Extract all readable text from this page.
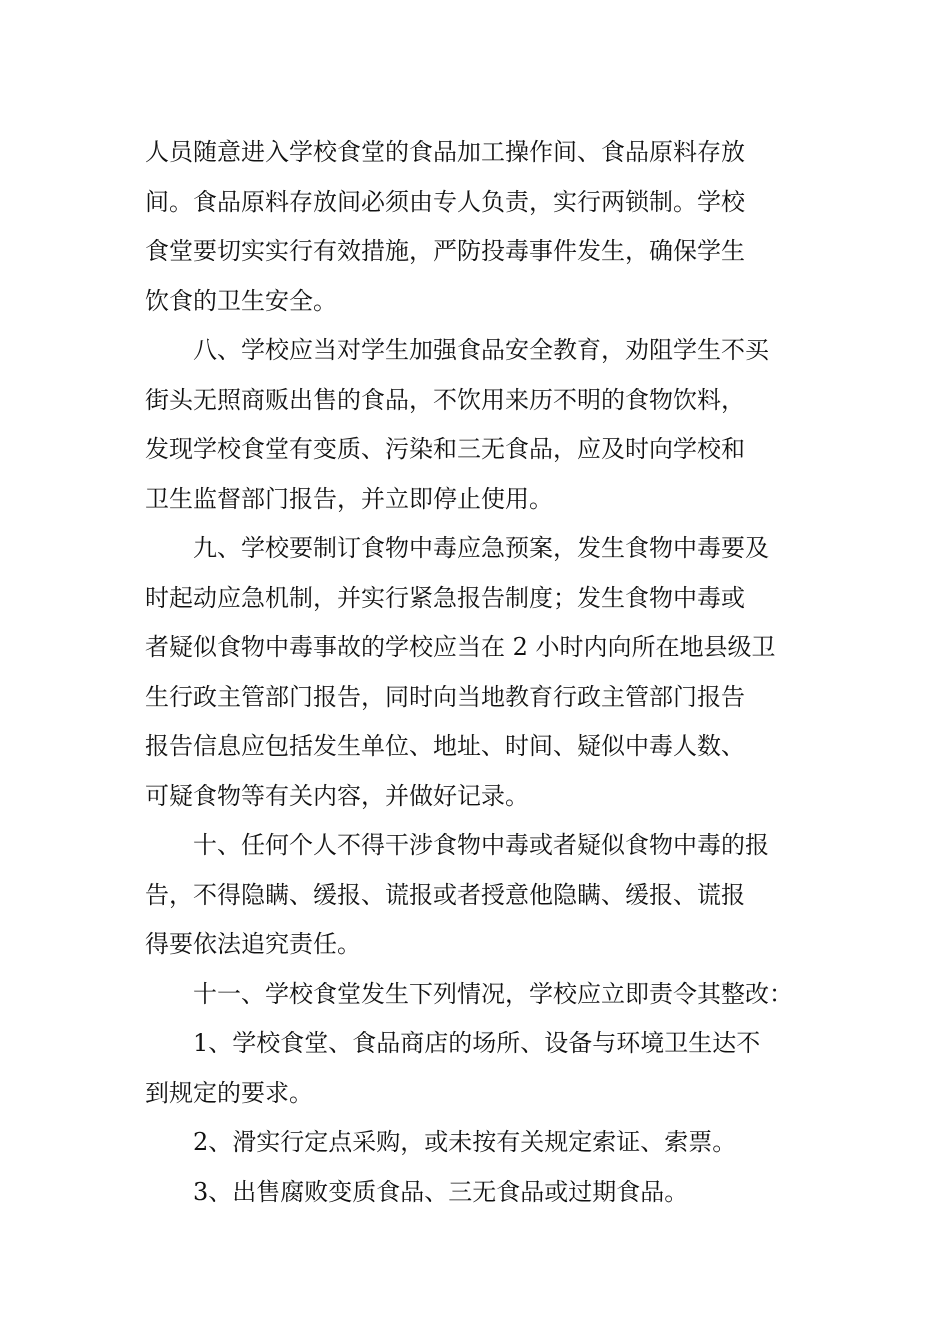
人员随意进入学校食堂的食品加工操作间、食品原料存放
间。食品原料存放间必须由专人负责，实行两锁制。学校
食堂要切实实行有效措施，严防投毒事件发生，确保学生
饮食的卫生安全。
八、学校应当对学生加强食品安全教育，劝阻学生不买
街头无照商贩出售的食品，不饮用来历不明的食物饮料，
发现学校食堂有变质、污染和三无食品，应及时向学校和
卫生监督部门报告，并立即停止使用。
九、学校要制订食物中毒应急预案，发生食物中毒要及
时起动应急机制，并实行紧急报告制度；发生食物中毒或
者疑似食物中毒事故的学校应当在 2 小时内向所在地县级卫
生行政主管部门报告，同时向当地教育行政主管部门报告
报告信息应包括发生单位、地址、时间、疑似中毒人数、
可疑食物等有关内容，并做好记录。
十、任何个人不得干涉食物中毒或者疑似食物中毒的报
告，不得隐瞒、缓报、谎报或者授意他隐瞒、缓报、谎报
得要依法追究责任。
十一、学校食堂发生下列情况，学校应立即责令其整改：
1、学校食堂、食品商店的场所、设备与环境卫生达不
到规定的要求。
2、滑实行定点采购，或未按有关规定索证、索票。
3、出售腐败变质食品、三无食品或过期食品。
